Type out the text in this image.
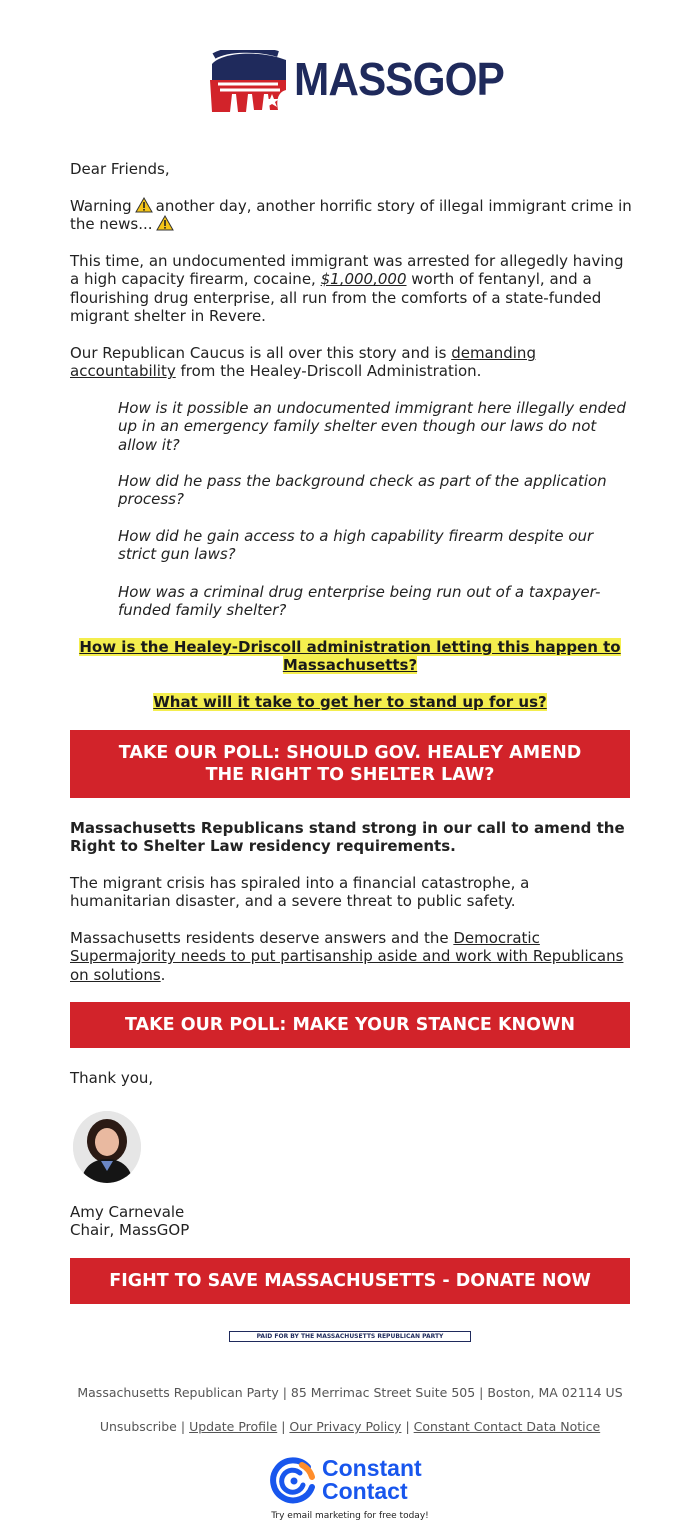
MASSGOP

Dear Friends,

Warning another day, another horrific story of illegal immigrant crime in the news...

This time, an undocumented immigrant was arrested for allegedly having a high capacity firearm, cocaine, $1,000,000 worth of fentanyl, and a flourishing drug enterprise, all run from the comforts of a state-funded migrant shelter in Revere.

Our Republican Caucus is all over this story and is demanding accountability from the Healey-Driscoll Administration.

How is it possible an undocumented immigrant here illegally ended up in an emergency family shelter even though our laws do not allow it?

How did he pass the background check as part of the application process?

How did he gain access to a high capability firearm despite our strict gun laws?

How was a criminal drug enterprise being run out of a taxpayer-funded family shelter?

How is the Healey-Driscoll administration letting this happen to
Massachusetts?
What will it take to get her to stand up for us?
TAKE OUR POLL: SHOULD GOV. HEALEY AMEND
THE RIGHT TO SHELTER LAW?

Massachusetts Republicans stand strong in our call to amend the Right to Shelter Law residency requirements.

The migrant crisis has spiraled into a financial catastrophe, a humanitarian disaster, and a severe threat to public safety.

Massachusetts residents deserve answers and the Democratic Supermajority needs to put partisanship aside and work with Republicans on solutions.

TAKE OUR POLL: MAKE YOUR STANCE KNOWN

Thank you,

Amy Carnevale

Chair, MassGOP

FIGHT TO SAVE MASSACHUSETTS - DONATE NOW
PAID FOR BY THE MASSACHUSETTS REPUBLICAN PARTY
Massachusetts Republican Party | 85 Merrimac Street Suite 505 | Boston, MA 02114 US
Unsubscribe | Update Profile | Our Privacy Policy | Constant Contact Data Notice
Constant
Contact
Try email marketing for free today!
